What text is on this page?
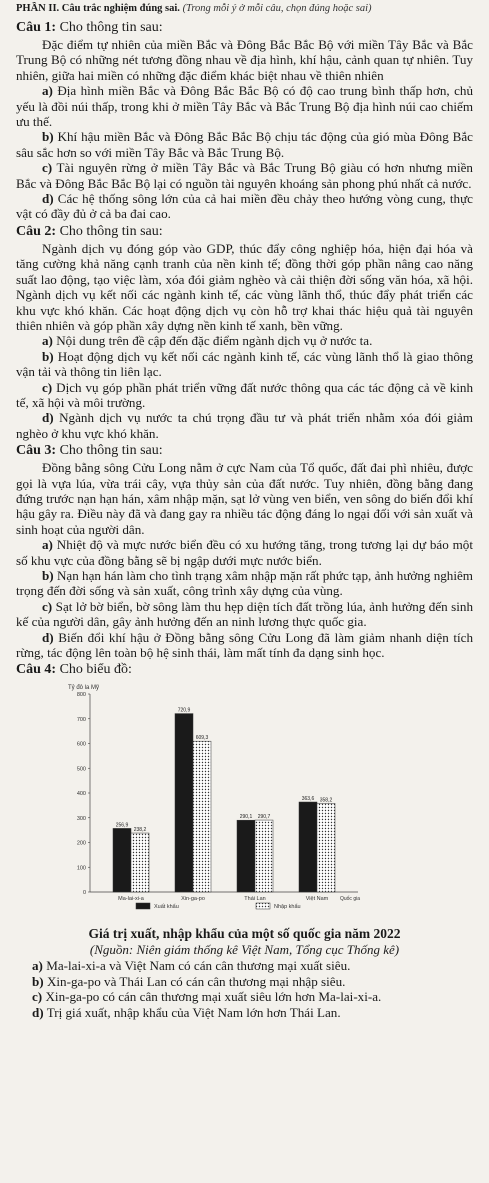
PHẦN II. Câu trắc nghiệm đúng sai. (Trong mỗi ý ở mỗi câu, chọn đúng hoặc sai)
Câu 1: Cho thông tin sau:

Đặc điểm tự nhiên của miền Bắc và Đông Bắc Bắc Bộ với miền Tây Bắc và Bắc Trung Bộ có những nét tương đồng nhau về địa hình, khí hậu, cảnh quan tự nhiên. Tuy nhiên, giữa hai miền có những đặc điểm khác biệt nhau về thiên nhiên

a) Địa hình miền Bắc và Đông Bắc Bắc Bộ có độ cao trung bình thấp hơn, chủ yếu là đồi núi thấp, trong khi ở miền Tây Bắc và Bắc Trung Bộ địa hình núi cao chiếm ưu thế.

b) Khí hậu miền Bắc và Đông Bắc Bắc Bộ chịu tác động của gió mùa Đông Bắc sâu sắc hơn so với miền Tây Bắc và Bắc Trung Bộ.

c) Tài nguyên rừng ở miền Tây Bắc và Bắc Trung Bộ giàu có hơn nhưng miền Bắc và Đông Bắc Bắc Bộ lại có nguồn tài nguyên khoáng sản phong phú nhất cả nước.

d) Các hệ thống sông lớn của cả hai miền đều chảy theo hướng vòng cung, thực vật có đầy đủ ở cả ba đai cao.

Câu 2: Cho thông tin sau:

Ngành dịch vụ đóng góp vào GDP, thúc đẩy công nghiệp hóa, hiện đại hóa và tăng cường khả năng cạnh tranh của nền kinh tế; đồng thời góp phần nâng cao năng suất lao động, tạo việc làm, xóa đói giảm nghèo và cải thiện đời sống văn hóa, xã hội. Ngành dịch vụ kết nối các ngành kinh tế, các vùng lãnh thổ, thúc đẩy phát triển các khu vực khó khăn. Các hoạt động dịch vụ còn hỗ trợ khai thác hiệu quả tài nguyên thiên nhiên và góp phần xây dựng nền kinh tế xanh, bền vững.

a) Nội dung trên đề cập đến đặc điểm ngành dịch vụ ở nước ta.

b) Hoạt động dịch vụ kết nối các ngành kinh tế, các vùng lãnh thổ là giao thông vận tải và thông tin liên lạc.

c) Dịch vụ góp phần phát triển vững đất nước thông qua các tác động cả về kinh tế, xã hội và môi trường.

d) Ngành dịch vụ nước ta chú trọng đầu tư và phát triển nhằm xóa đói giảm nghèo ở khu vực khó khăn.

Câu 3: Cho thông tin sau:

Đồng bằng sông Cửu Long nằm ở cực Nam của Tổ quốc, đất đai phì nhiêu, được gọi là vựa lúa, vừa trái cây, vựa thủy sản của đất nước. Tuy nhiên, đồng bằng đang đứng trước nạn hạn hán, xâm nhập mặn, sạt lở vùng ven biển, ven sông do biến đổi khí hậu gây ra. Điều này đã và đang gay ra nhiều tác động đáng lo ngại đối với sản xuất và sinh hoạt của người dân.

a) Nhiệt độ và mực nước biển đều có xu hướng tăng, trong tương lại dự báo một số khu vực của đồng bằng sẽ bị ngập dưới mực nước biển.

b) Nạn hạn hán làm cho tình trạng xâm nhập mặn rất phức tạp, ảnh hưởng nghiêm trọng đến đời sống và sản xuất, công trình xây dựng của vùng.

c) Sạt lở bờ biển, bờ sông làm thu hẹp diện tích đất trồng lúa, ảnh hưởng đến sinh kế của người dân, gây ảnh hưởng đến an ninh lương thực quốc gia.

d) Biến đổi khí hậu ở Đồng bằng sông Cửu Long đã làm giảm nhanh diện tích rừng, tác động lên toàn bộ hệ sinh thái, làm mất tính đa dạng sinh học.

Câu 4: Cho biểu đồ:
Tỷ đô la Mỹ
0
100
200
300
400
500
600
700
800
256,9
238,2
Ma-lai-xi-a
720,9
609,3
Xin-ga-po
290,1 290,7
Thái Lan
363,6 358,2
Việt Nam Quốc gia
Xuất khẩu	Nhập khẩu
Giá trị xuất, nhập khẩu của một số quốc gia năm 2022
(Nguồn: Niên giám thống kê Việt Nam, Tổng cục Thống kê)

a) Ma-lai-xi-a và Việt Nam có cán cân thương mại xuất siêu.

b) Xin-ga-po và Thái Lan có cán cân thương mại nhập siêu.

c) Xin-ga-po có cán cân thương mại xuất siêu lớn hơn Ma-lai-xi-a.

d) Trị giá xuất, nhập khẩu của Việt Nam lớn hơn Thái Lan.
